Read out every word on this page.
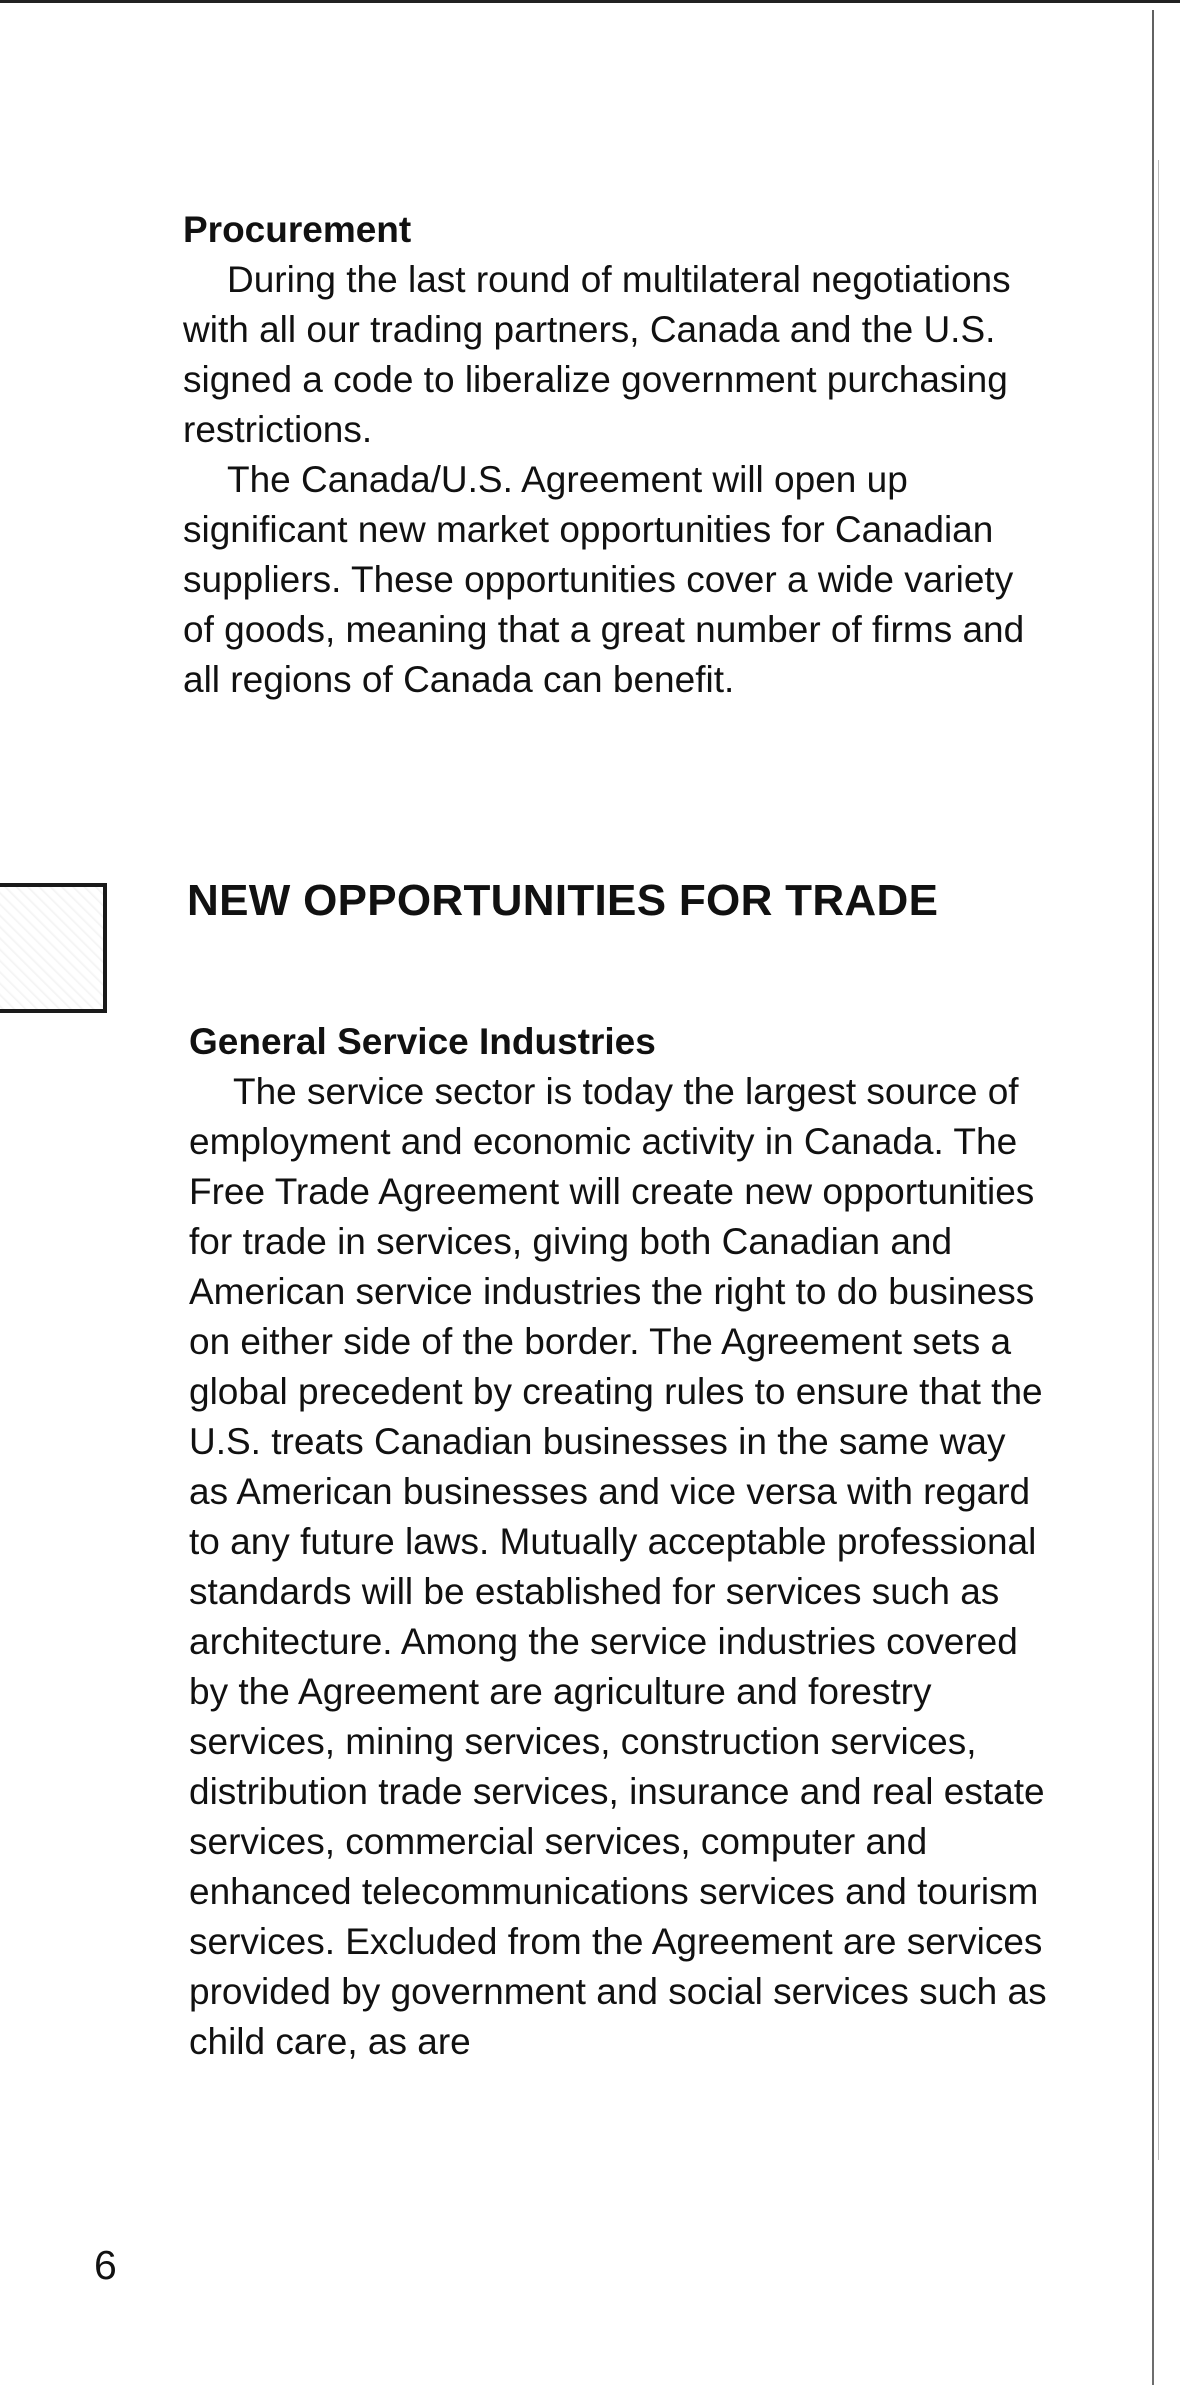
Procurement

During the last round of multilateral negotiations with all our trading partners, Canada and the U.S. signed a code to liberalize government purchasing restrictions.

The Canada/U.S. Agreement will open up significant new market opportunities for Canadian suppliers. These opportunities cover a wide variety of goods, meaning that a great number of firms and all regions of Canada can benefit.

NEW OPPORTUNITIES FOR TRADE
General Service Industries

The service sector is today the largest source of employment and economic activity in Canada. The Free Trade Agreement will create new opportunities for trade in services, giving both Canadian and American service industries the right to do business on either side of the border. The Agreement sets a global precedent by creating rules to ensure that the U.S. treats Canadian businesses in the same way as American businesses and vice versa with regard to any future laws. Mutually acceptable professional standards will be established for services such as architecture. Among the service industries covered by the Agreement are agriculture and forestry services, mining services, construction services, distribution trade services, insurance and real estate services, commercial services, computer and enhanced telecommunications services and tourism services. Excluded from the Agreement are services provided by government and social services such as child care, as are

6
